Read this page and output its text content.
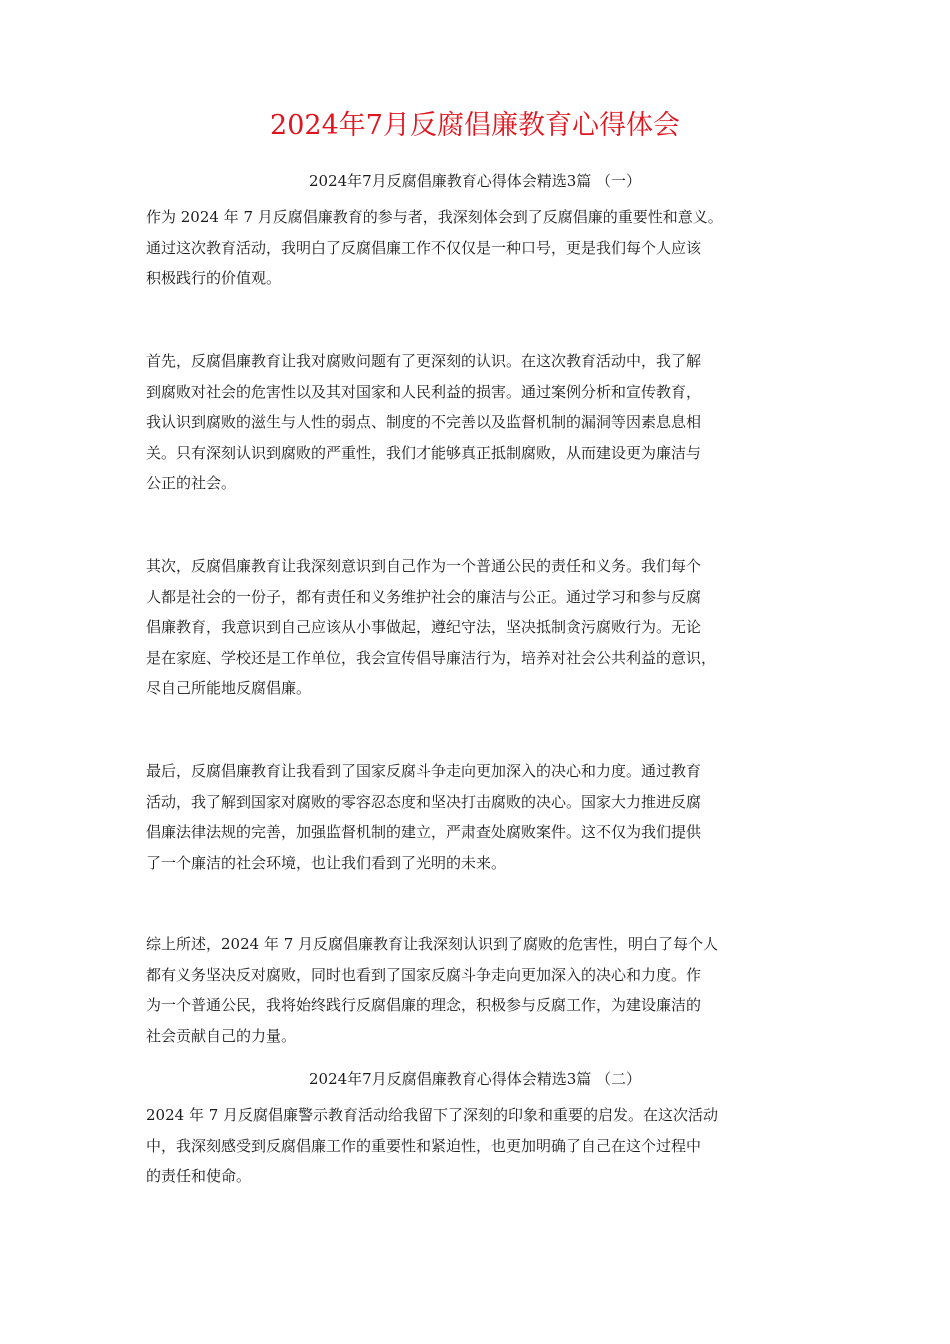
2024年7月反腐倡廉教育心得体会
2024年7月反腐倡廉教育心得体会精选3篇 （一）

作为 2024 年 7 月反腐倡廉教育的参与者，我深刻体会到了反腐倡廉的重要性和意义。
通过这次教育活动，我明白了反腐倡廉工作不仅仅是一种口号，更是我们每个人应该
积极践行的价值观。

首先，反腐倡廉教育让我对腐败问题有了更深刻的认识。在这次教育活动中，我了解
到腐败对社会的危害性以及其对国家和人民利益的损害。通过案例分析和宣传教育，
我认识到腐败的滋生与人性的弱点、制度的不完善以及监督机制的漏洞等因素息息相
关。只有深刻认识到腐败的严重性，我们才能够真正抵制腐败，从而建设更为廉洁与
公正的社会。

其次，反腐倡廉教育让我深刻意识到自己作为一个普通公民的责任和义务。我们每个
人都是社会的一份子，都有责任和义务维护社会的廉洁与公正。通过学习和参与反腐
倡廉教育，我意识到自己应该从小事做起，遵纪守法，坚决抵制贪污腐败行为。无论
是在家庭、学校还是工作单位，我会宣传倡导廉洁行为，培养对社会公共利益的意识，
尽自己所能地反腐倡廉。

最后，反腐倡廉教育让我看到了国家反腐斗争走向更加深入的决心和力度。通过教育
活动，我了解到国家对腐败的零容忍态度和坚决打击腐败的决心。国家大力推进反腐
倡廉法律法规的完善，加强监督机制的建立，严肃查处腐败案件。这不仅为我们提供
了一个廉洁的社会环境，也让我们看到了光明的未来。

综上所述，2024 年 7 月反腐倡廉教育让我深刻认识到了腐败的危害性，明白了每个人
都有义务坚决反对腐败，同时也看到了国家反腐斗争走向更加深入的决心和力度。作
为一个普通公民，我将始终践行反腐倡廉的理念，积极参与反腐工作，为建设廉洁的
社会贡献自己的力量。

2024年7月反腐倡廉教育心得体会精选3篇 （二）

2024 年 7 月反腐倡廉警示教育活动给我留下了深刻的印象和重要的启发。在这次活动
中，我深刻感受到反腐倡廉工作的重要性和紧迫性，也更加明确了自己在这个过程中
的责任和使命。
